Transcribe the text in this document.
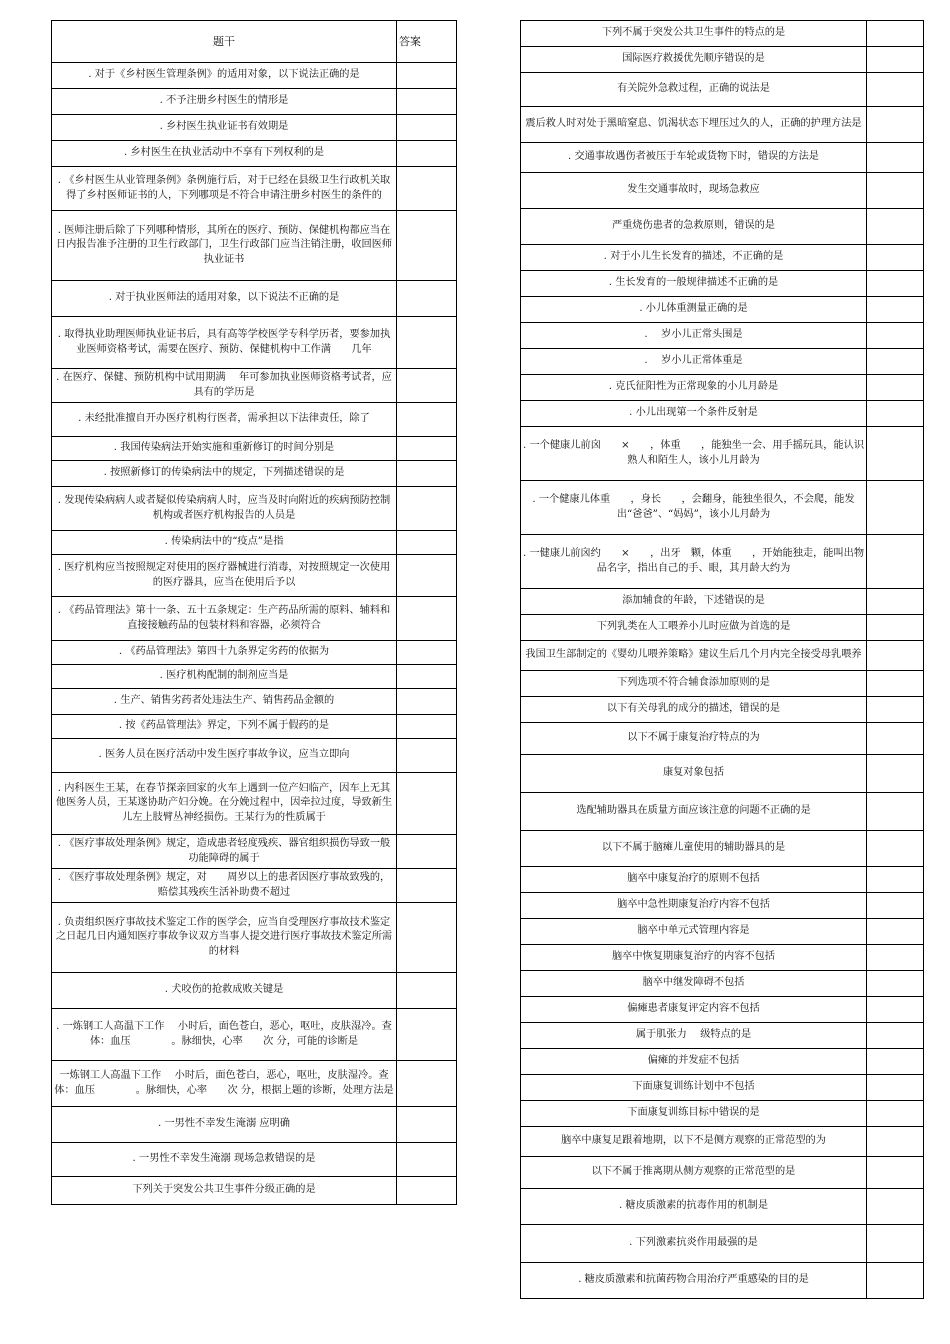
题干	答案
. 对于《乡村医生管理条例》的适用对象，以下说法正确的是	
. 不予注册乡村医生的情形是	
. 乡村医生执业证书有效期是	
. 乡村医生在执业活动中不享有下列权利的是	
. 《乡村医生从业管理条例》条例施行后，对于已经在县级卫生行政机关取得了乡村医师证书的人，下列哪项是不符合申请注册乡村医生的条件的	
. 医师注册后除了下列哪种情形，其所在的医疗、预防、保健机构都应当在　　日内报告准予注册的卫生行政部门，卫生行政部门应当注销注册，收回医师执业证书	
. 对于执业医师法的适用对象，以下说法不正确的是	
. 取得执业助理医师执业证书后，具有高等学校医学专科学历者，要参加执业医师资格考试，需要在医疗、预防、保健机构中工作满　　几年	
. 在医疗、保健、预防机构中试用期满　 年可参加执业医师资格考试者，应具有的学历是	
. 未经批准擅自开办医疗机构行医者，需承担以下法律责任，除了	
. 我国传染病法开始实施和重新修订的时间分别是	
. 按照新修订的传染病法中的规定，下列描述错误的是	
. 发现传染病病人或者疑似传染病病人时，应当及时向附近的疾病预防控制机构或者医疗机构报告的人员是	
. 传染病法中的“疫点”是指	
. 医疗机构应当按照规定对使用的医疗器械进行消毒，对按照规定一次使用的医疗器具，应当在使用后予以	
. 《药品管理法》第十一条、五十五条规定：生产药品所需的原料、辅料和直接接触药品的包装材料和容器，必须符合	
. 《药品管理法》第四十九条界定劣药的依据为	
. 医疗机构配制的制剂应当是	
. 生产、销售劣药者处违法生产、销售药品金额的	
. 按《药品管理法》界定，下列不属于假药的是	
. 医务人员在医疗活动中发生医疗事故争议，应当立即向	
. 内科医生王某，在春节探亲回家的火车上遇到一位产妇临产，因车上无其他医务人员，王某遂协助产妇分娩。在分娩过程中，因牵拉过度，导致新生儿左上肢臂丛神经损伤。王某行为的性质属于	
. 《医疗事故处理条例》规定，造成患者轻度残疾、器官组织损伤导致一般功能障碍的属于	
. 《医疗事故处理条例》规定，对　　周岁以上的患者因医疗事故致残的，赔偿其残疾生活补助费不超过	
. 负责组织医疗事故技术鉴定工作的医学会，应当自受理医疗事故技术鉴定之日起几日内通知医疗事故争议双方当事人提交进行医疗事故技术鉴定所需的材料	
. 犬咬伤的抢救成败关键是	
. 一炼钢工人高温下工作　 小时后，面色苍白，恶心，呕吐，皮肤湿冷。查体：血压　　　　。脉细快，心率　　次 分，可能的诊断是	
一炼钢工人高温下工作　 小时后，面色苍白，恶心，呕吐，皮肤湿冷。查体：血压　　　　。脉细快，心率　　次 分，根据上题的诊断，处理方法是	
. 一男性不幸发生淹溺 应明确	
. 一男性不幸发生淹溺 现场急救错误的是	
下列关于突发公共卫生事件分级正确的是	
下列不属于突发公共卫生事件的特点的是	
国际医疗救援优先顺序错误的是	
有关院外急救过程，正确的说法是	
震后救人时对处于黑暗窒息、饥渴状态下埋压过久的人，正确的护理方法是	
. 交通事故遇伤者被压于车轮或货物下时，错误的方法是	
发生交通事故时，现场急救应	
严重烧伤患者的急救原则，错误的是	
. 对于小儿生长发育的描述，不正确的是	
. 生长发育的一般规律描述不正确的是	
. 小儿体重测量正确的是	
.　 岁小儿正常头围是	
.　 岁小儿正常体重是	
. 克氏征阳性为正常现象的小儿月龄是	
. 小儿出现第一个条件反射是	
. 一个健康儿前囟　　×　　，体重　　，能独坐一会、用手摇玩具，能认识熟人和陌生人，该小儿月龄为	
. 一个健康儿体重　　，身长　　，会翻身，能独坐很久，不会爬，能发出“爸爸”、“妈妈”，该小儿月龄为	
. 一健康儿前囟约　　×　　，出牙　颗，体重　　，开始能独走，能叫出物品名字，指出自己的手、眼，其月龄大约为	
添加辅食的年龄，下述错误的是	
下列乳类在人工喂养小儿时应做为首选的是	
我国卫生部制定的《婴幼儿喂养策略》建议生后几个月内完全接受母乳喂养	
下列选项不符合辅食添加原则的是	
以下有关母乳的成分的描述，错误的是	
以下不属于康复治疗特点的为	
康复对象包括	
选配辅助器具在质量方面应该注意的问题不正确的是	
以下不属于脑瘫儿童使用的辅助器具的是	
脑卒中康复治疗的原则不包括	
脑卒中急性期康复治疗内容不包括	
脑卒中单元式管理内容是	
脑卒中恢复期康复治疗的内容不包括	
脑卒中继发障碍不包括	
偏瘫患者康复评定内容不包括	
属于肌张力　 级特点的是	
偏瘫的并发症不包括	
下面康复训练计划中不包括	
下面康复训练目标中错误的是	
脑卒中康复足跟着地期，以下不是侧方观察的正常范型的为	
以下不属于推离期从侧方观察的正常范型的是	
. 糖皮质激素的抗毒作用的机制是	
. 下列激素抗炎作用最强的是	
. 糖皮质激素和抗菌药物合用治疗严重感染的目的是	
